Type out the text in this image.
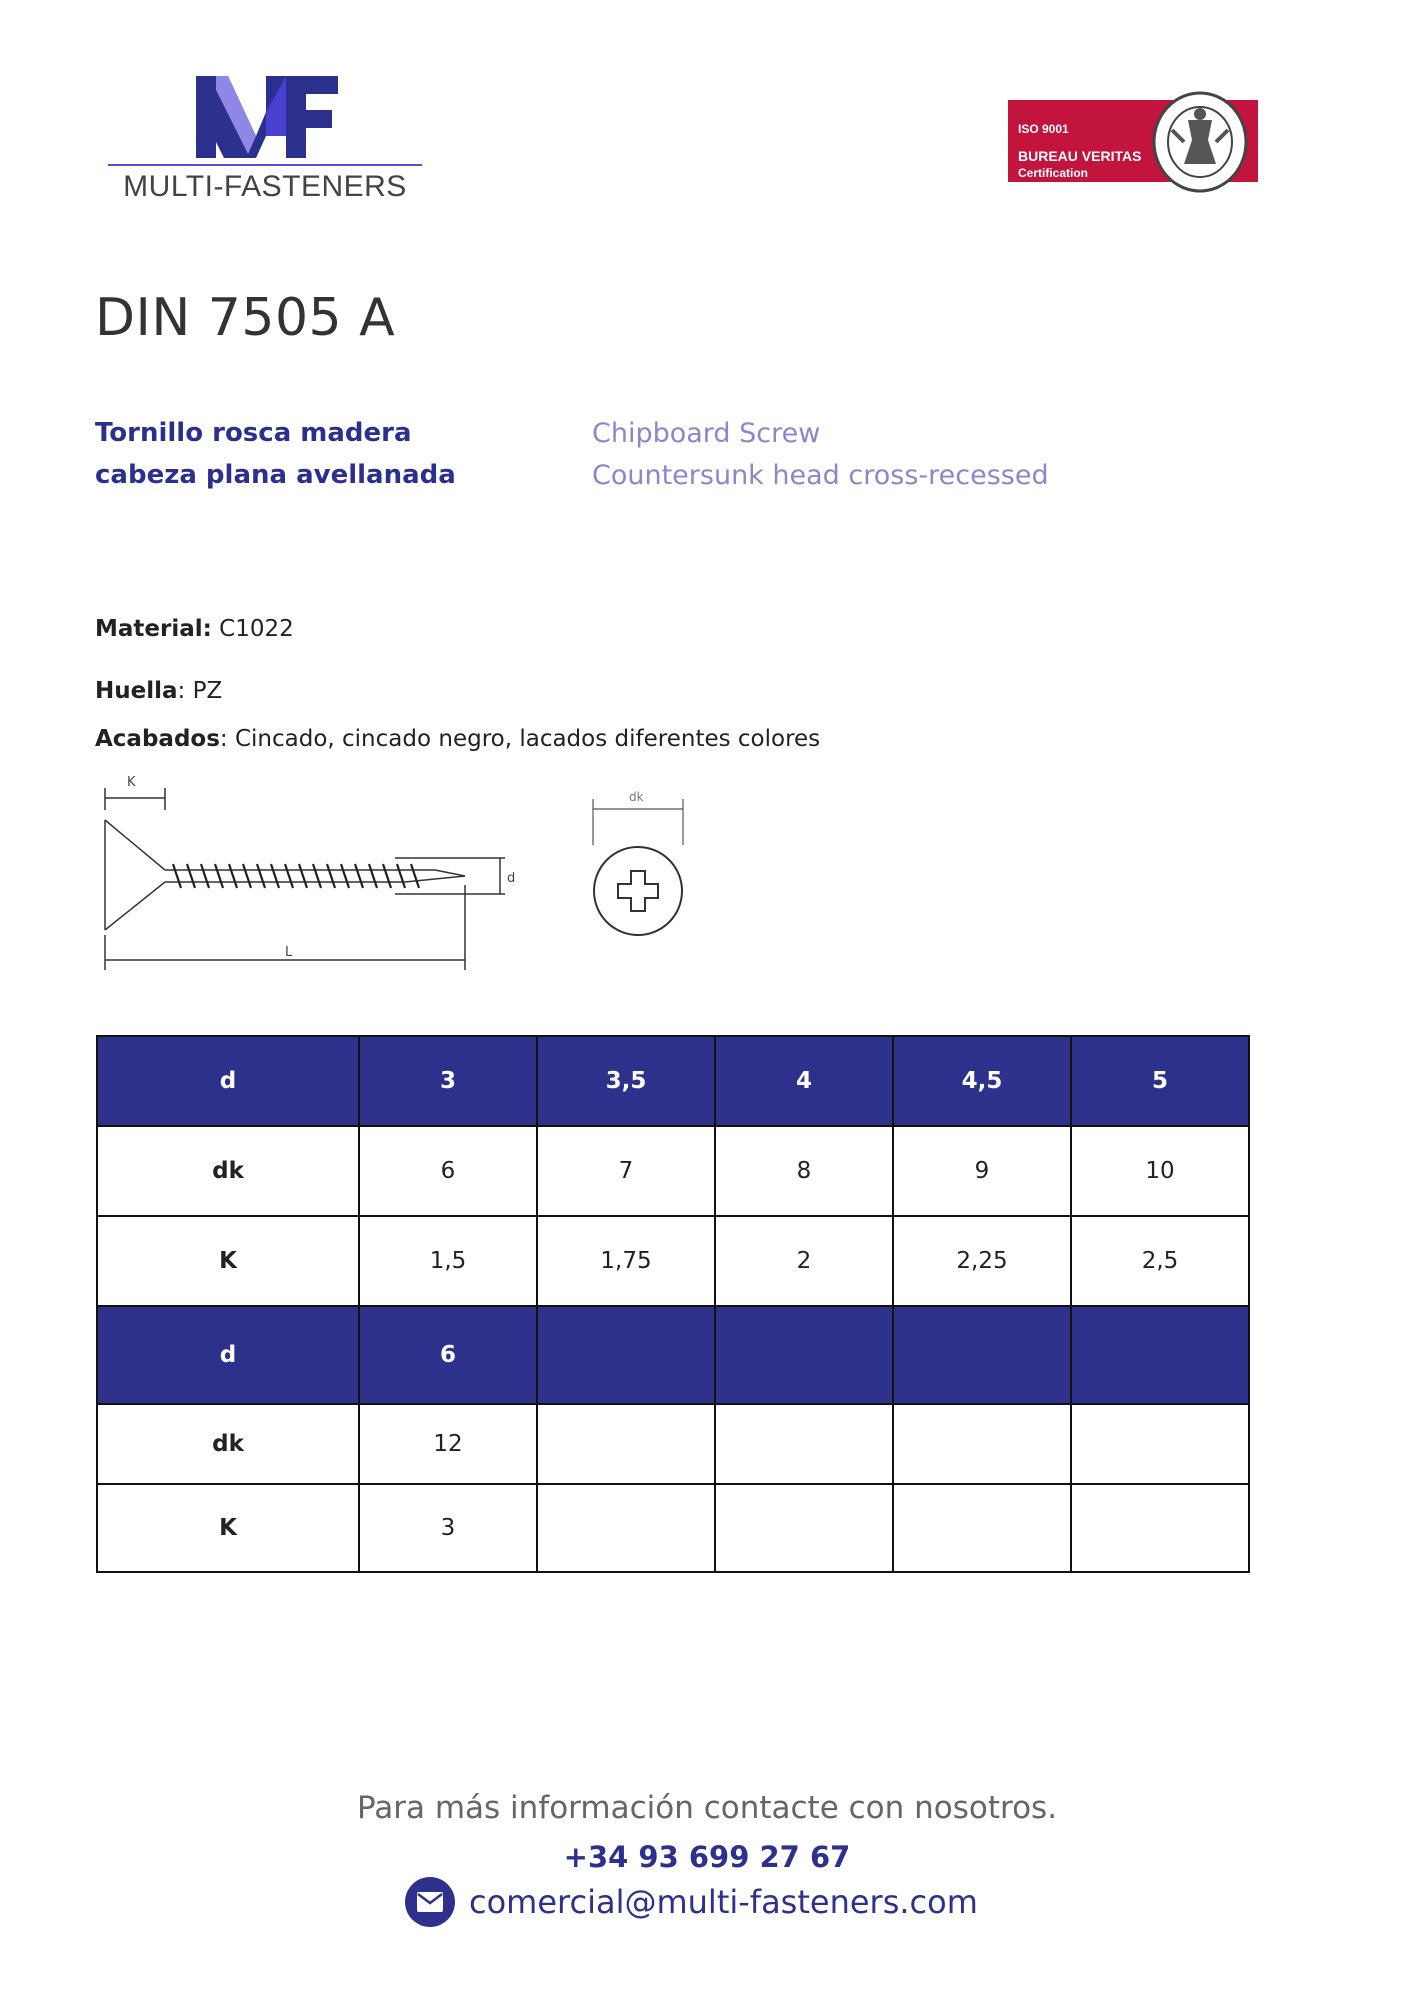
MULTI-FASTENERS
ISO 9001
BUREAU VERITAS
Certification
DIN 7505 A
Tornillo rosca madera
cabeza plana avellanada
Chipboard Screw
Countersunk head cross-recessed
Material: C1022
Huella: PZ
Acabados: Cincado, cincado negro, lacados diferentes colores
K
d
L
dk
d	3	3,5	4	4,5	5
dk	6	7	8	9	10
K	1,5	1,75	2	2,25	2,5
d	6				
dk	12				
K	3				
Para más información contacte con nosotros.
+34 93 699 27 67
comercial@multi-fasteners.com
